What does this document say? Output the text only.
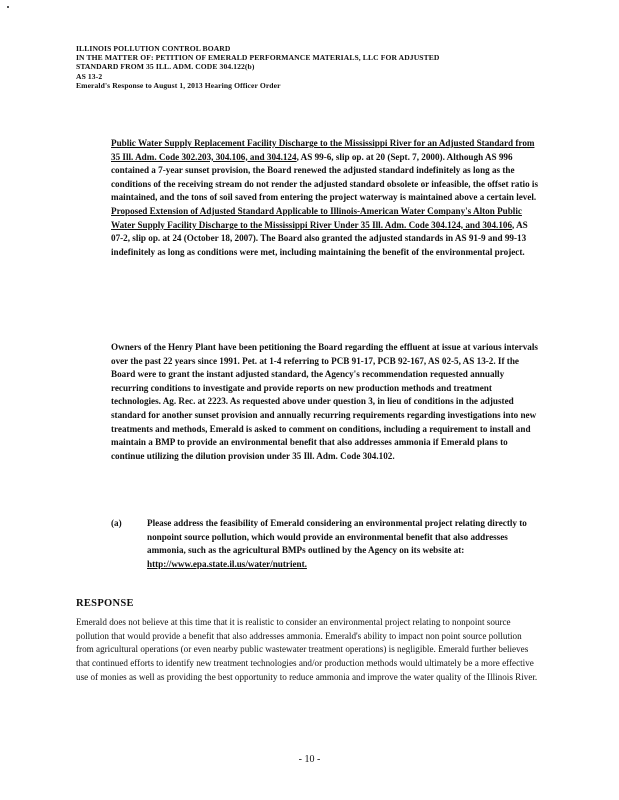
ILLINOIS POLLUTION CONTROL BOARD
IN THE MATTER OF: PETITION OF EMERALD PERFORMANCE MATERIALS, LLC FOR ADJUSTED
STANDARD FROM 35 ILL. ADM. CODE 304.122(b)
AS 13-2
Emerald's Response to August 1, 2013 Hearing Officer Order
Public Water Supply Replacement Facility Discharge to the Mississippi River for an Adjusted Standard from 35 Ill. Adm. Code 302.203, 304.106, and 304.124, AS 99-6, slip op. at 20 (Sept. 7, 2000). Although AS 996 contained a 7-year sunset provision, the Board renewed the adjusted standard indefinitely as long as the conditions of the receiving stream do not render the adjusted standard obsolete or infeasible, the offset ratio is maintained, and the tons of soil saved from entering the project waterway is maintained above a certain level. Proposed Extension of Adjusted Standard Applicable to Illinois-American Water Company's Alton Public Water Supply Facility Discharge to the Mississippi River Under 35 Ill. Adm. Code 304.124, and 304.106, AS 07-2, slip op. at 24 (October 18, 2007). The Board also granted the adjusted standards in AS 91-9 and 99-13 indefinitely as long as conditions were met, including maintaining the benefit of the environmental project.
Owners of the Henry Plant have been petitioning the Board regarding the effluent at issue at various intervals over the past 22 years since 1991. Pet. at 1-4 referring to PCB 91-17, PCB 92-167, AS 02-5, AS 13-2. If the Board were to grant the instant adjusted standard, the Agency's recommendation requested annually recurring conditions to investigate and provide reports on new production methods and treatment technologies. Ag. Rec. at 2223. As requested above under question 3, in lieu of conditions in the adjusted standard for another sunset provision and annually recurring requirements regarding investigations into new treatments and methods, Emerald is asked to comment on conditions, including a requirement to install and maintain a BMP to provide an environmental benefit that also addresses ammonia if Emerald plans to continue utilizing the dilution provision under 35 Ill. Adm. Code 304.102.
(a)	Please address the feasibility of Emerald considering an environmental project relating directly to nonpoint source pollution, which would provide an environmental benefit that also addresses ammonia, such as the agricultural BMPs outlined by the Agency on its website at: http://www.epa.state.il.us/water/nutrient.
RESPONSE
Emerald does not believe at this time that it is realistic to consider an environmental project relating to nonpoint source pollution that would provide a benefit that also addresses ammonia. Emerald's ability to impact non point source pollution from agricultural operations (or even nearby public wastewater treatment operations) is negligible. Emerald further believes that continued efforts to identify new treatment technologies and/or production methods would ultimately be a more effective use of monies as well as providing the best opportunity to reduce ammonia and improve the water quality of the Illinois River.
- 10 -
